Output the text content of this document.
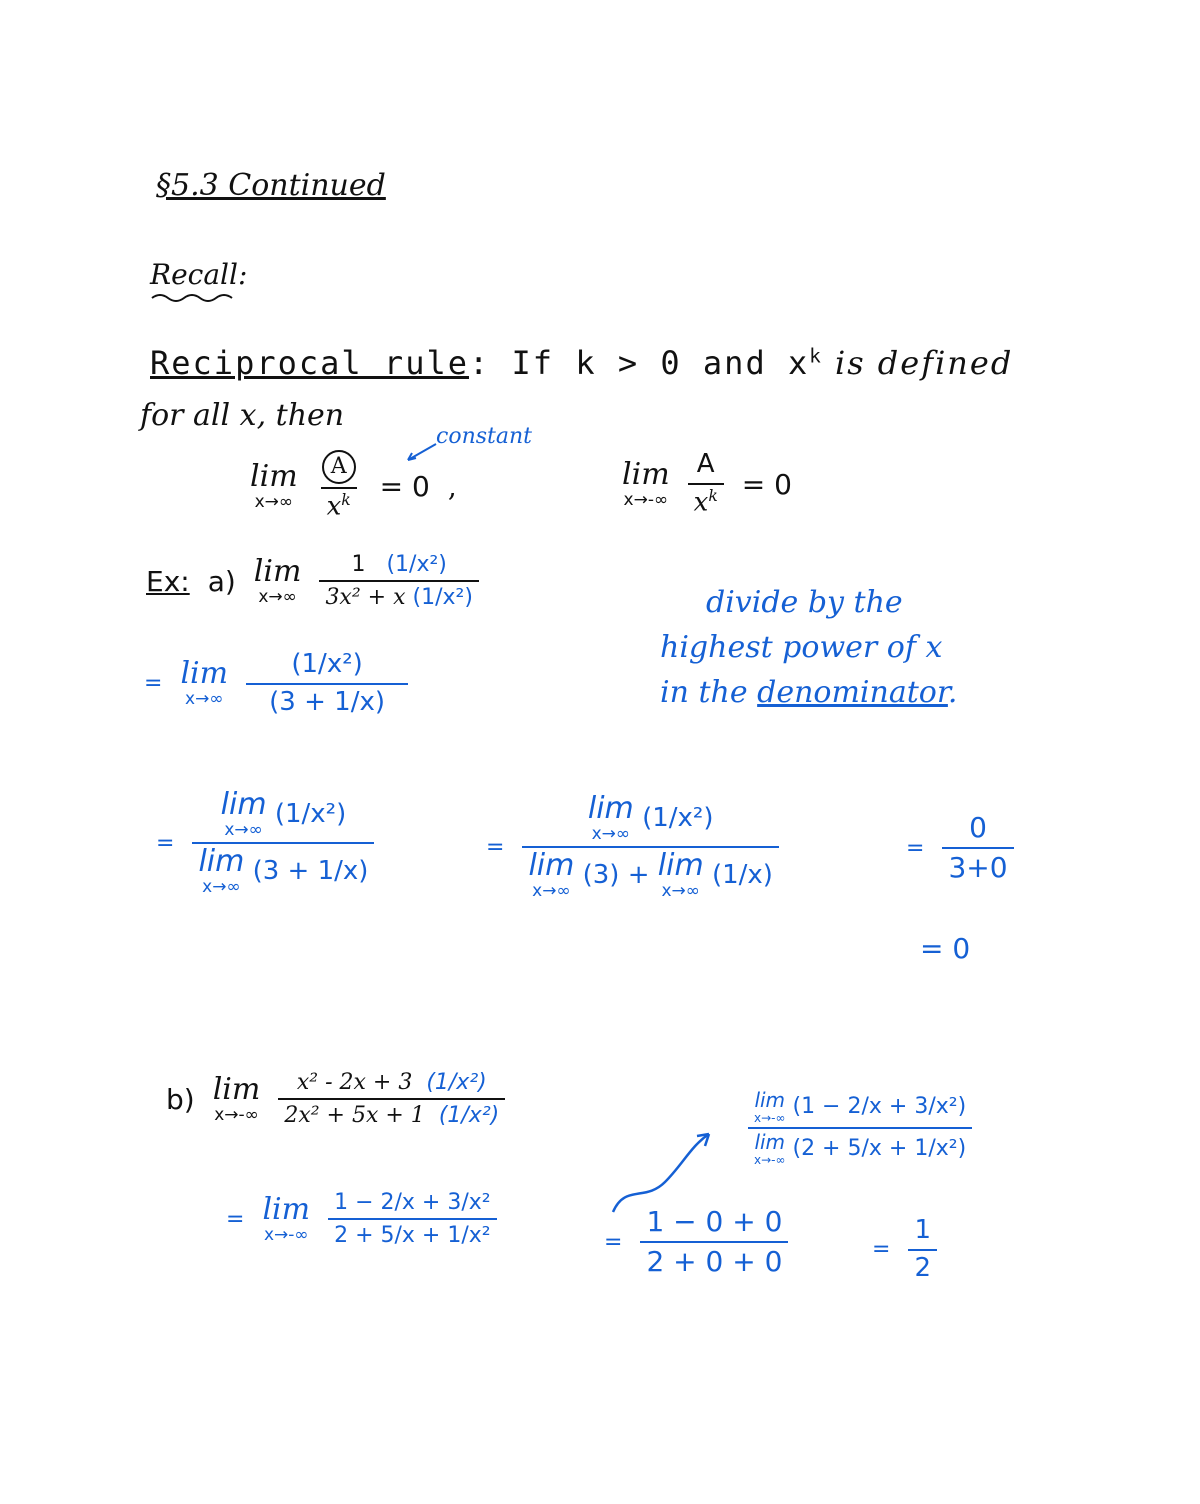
§5.3 Continued
Recall:
Reciprocal rule: If k > 0 and $x^k$ is defined
for all x, then
constant
lim
$x\to\infty \frac{A}{x^k} = 0$ ,	lim
$x\to-\infty \frac{A}{x^k} = 0$
Ex: a) lim
$x\to\infty \frac{\text{1 (1/x²)}}{\text{3x² + x (1/x²)}}$	divide by the
highest power of x
in the denominator.
= lim
$x\to\infty \frac{\text{(1/x²)}}{(3 + 1/x)}$
= lim
x→∞
(1/x²)
lim
x→∞
(3 + 1/x)	= lim
x→∞
(1/x²)
lim
x→∞
(3) + lim
x→∞
(1/x)	= $\frac{0}{3+0}$
= 0
b) lim
$x\to-\infty \frac{\text{x² - 2x + 3 (1/x²)}}{\text{2x² + 5x + 1 (1/x²)}}$	lim
x→-∞ (1 − 2/x + 3/x²)
lim
x→-∞ (2 + 5/x + 1/x²)
= lim
$x\to-\infty \frac{\text{1 − 2/x + 3/x²}}{\text{2 + 5/x + 1/x²}}$	= $\frac{1 - 0 + 0}{2 + 0 + 0}$	= $\frac{1}{2}$
